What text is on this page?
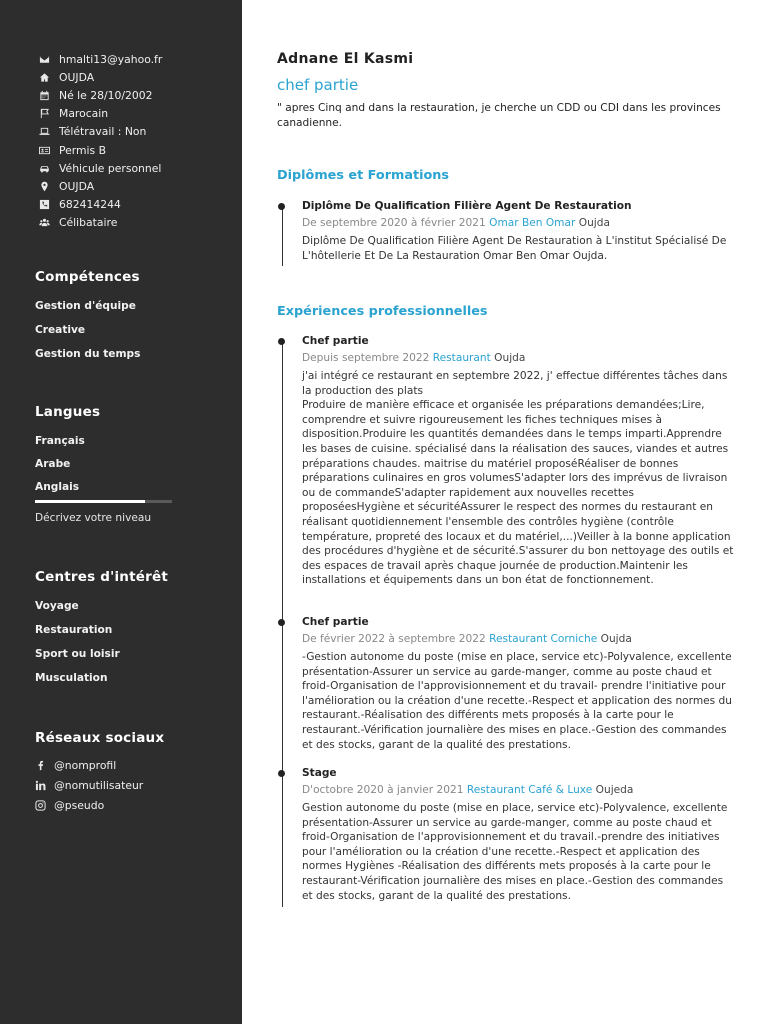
hmalti13@yahoo.fr
OUJDA
Né le 28/10/2002
Marocain
Télétravail : Non
Permis B
Véhicule personnel
OUJDA
682414244
Célibataire
Compétences
Gestion d'équipe
Creative
Gestion du temps
Langues
Français
Arabe
Anglais
Décrivez votre niveau
Centres d'intérêt
Voyage
Restauration
Sport ou loisir
Musculation
Réseaux sociaux
@nomprofil
@nomutilisateur
@pseudo
Adnane El Kasmi
chef partie
" apres Cinq and dans la restauration, je cherche un CDD ou CDI dans les provinces canadienne.
Diplômes et Formations
Diplôme De Qualification Filière Agent De Restauration
De septembre 2020 à février 2021 Omar Ben Omar Oujda
Diplôme De Qualification Filière Agent De Restauration à L'institut Spécialisé De L'hôtellerie Et De La Restauration Omar Ben Omar Oujda.
Expériences professionnelles
Chef partie
Depuis septembre 2022 Restaurant Oujda
j'ai intégré ce restaurant en septembre 2022, j' effectue différentes tâches dans la production des plats
Produire de manière efficace et organisée les préparations demandées;Lire, comprendre et suivre rigoureusement les fiches techniques mises à disposition.Produire les quantités demandées dans le temps imparti.Apprendre les bases de cuisine. spécialisé dans la réalisation des sauces, viandes et autres préparations chaudes. maitrise du matériel proposéRéaliser de bonnes préparations culinaires en gros volumesS'adapter lors des imprévus de livraison ou de commandeS'adapter rapidement aux nouvelles recettes proposéesHygiène et sécuritéAssurer le respect des normes du restaurant en réalisant quotidiennement l'ensemble des contrôles hygiène (contrôle température, propreté des locaux et du matériel,...)Veiller à la bonne application des procédures d'hygiène et de sécurité.S'assurer du bon nettoyage des outils et des espaces de travail après chaque journée de production.Maintenir les installations et équipements dans un bon état de fonctionnement.
Chef partie
De février 2022 à septembre 2022 Restaurant Corniche Oujda
-Gestion autonome du poste (mise en place, service etc)-Polyvalence, excellente présentation-Assurer un service au garde-manger, comme au poste chaud et froid-Organisation de l'approvisionnement et du travail- prendre l'initiative pour l'amélioration ou la création d'une recette.-Respect et application des normes du restaurant.-Réalisation des différents mets proposés à la carte pour le restaurant.-Vérification journalière des mises en place.-Gestion des commandes et des stocks, garant de la qualité des prestations.
Stage
D'octobre 2020 à janvier 2021 Restaurant Café & Luxe Oujeda
Gestion autonome du poste (mise en place, service etc)-Polyvalence, excellente présentation-Assurer un service au garde-manger, comme au poste chaud et froid-Organisation de l'approvisionnement et du travail.-prendre des initiatives pour l'amélioration ou la création d'une recette.-Respect et application des normes Hygiènes -Réalisation des différents mets proposés à la carte pour le restaurant-Vérification journalière des mises en place.-Gestion des commandes et des stocks, garant de la qualité des prestations.
